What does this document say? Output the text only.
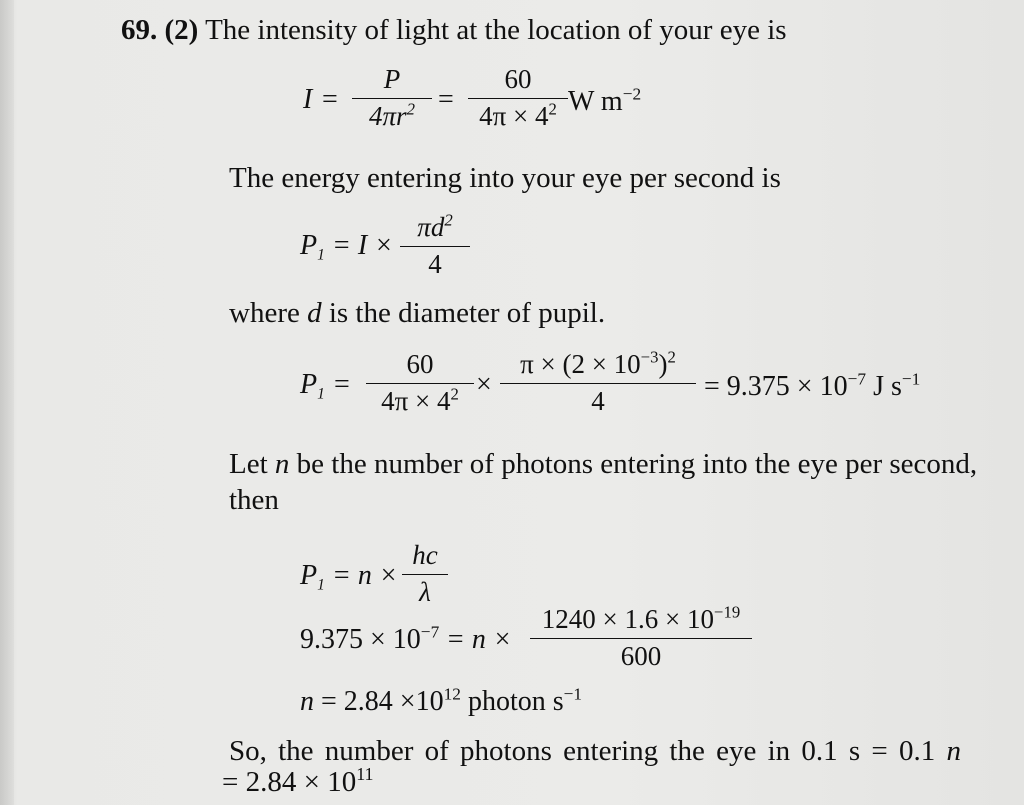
69. (2) The intensity of light at the location of your eye is
I =
P
$4\pi r^2$ =
60
$4\pi \times 4^2$ W $m^{-2}$
The energy entering into your eye per second is
$P_1 = I$ ×
$\pi d^2$
4
where d is the diameter of pupil.
$P_1$ =
60
$4\pi \times 4^2$ ×
$\pi \times (2 \times 10^{-3})^2$
4	= $9.375 \times 10^{-7}$ J $s^{-1}$
Let n be the number of photons entering into the eye per second,
then
$P_1 = n$ ×
hc
λ
$9.375 \times 10^{-7} = n$ ×
$1240 \times 1.6 \times 10^{-19}$
600
$n = 2.84 \times 10^{12}$ photon $s^{-1}$
So, the number of photons entering the eye in 0.1 s = 0.1 n
= $2.84 \times 10^{11}$
